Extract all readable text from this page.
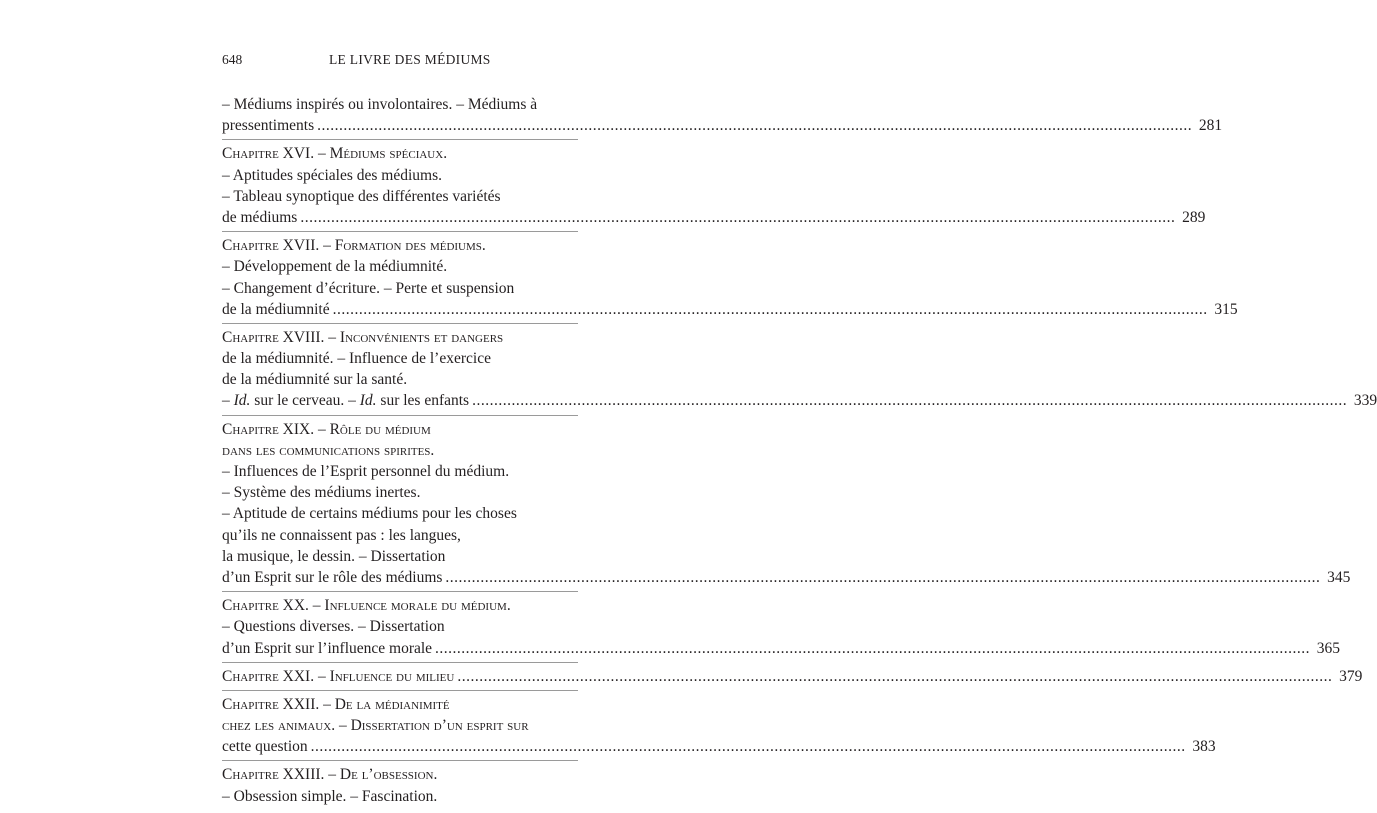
648	LE LIVRE DES MÉDIUMS
– Médiums inspirés ou involontaires. – Médiums à
pressentiments ........................................................................................................................................................................................................ 281
Chapitre XVI. – Médiums spéciaux.
– Aptitudes spéciales des médiums.
– Tableau synoptique des différentes variétés
de médiums ........................................................................................................................................................................................................ 289
Chapitre XVII. – Formation des médiums.
– Développement de la médiumnité.
– Changement d’écriture. – Perte et suspension
de la médiumnité ........................................................................................................................................................................................................ 315
Chapitre XVIII. – Inconvénients et dangers
de la médiumnité. – Influence de l’exercice
de la médiumnité sur la santé.
– Id. sur le cerveau. – Id. sur les enfants ........................................................................................................................................................................................................ 339
Chapitre XIX. – Rôle du médium
dans les communications spirites.
– Influences de l’Esprit personnel du médium.
– Système des médiums inertes.
– Aptitude de certains médiums pour les choses
qu’ils ne connaissent pas : les langues,
la musique, le dessin. – Dissertation
d’un Esprit sur le rôle des médiums ........................................................................................................................................................................................................ 345
Chapitre XX. – Influence morale du médium.
– Questions diverses. – Dissertation
d’un Esprit sur l’influence morale ........................................................................................................................................................................................................ 365
Chapitre XXI. – Influence du milieu ........................................................................................................................................................................................................ 379
Chapitre XXII. – De la médianimité
chez les animaux. – Dissertation d’un esprit sur
cette question ........................................................................................................................................................................................................ 383
Chapitre XXIII. – De l’obsession.
– Obsession simple. – Fascination.
